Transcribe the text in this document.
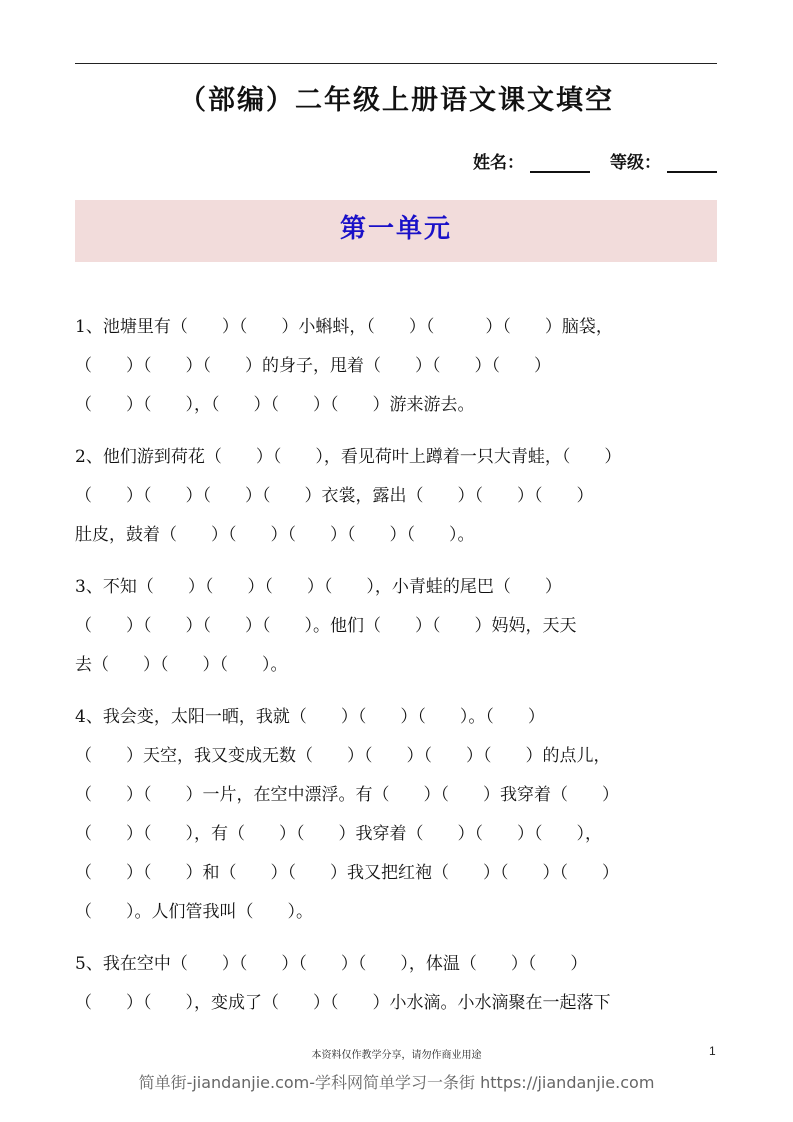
（部编）二年级上册语文课文填空
姓名：	等级：
第一单元
1、池塘里有（　　）（　　）小蝌蚪，（　　）（　　　）（　　）脑袋，
（　　）（　　）（　　）的身子，甩着（　　）（　　）（　　）
（　　）（　　），（　　）（　　）（　　）游来游去。
2、他们游到荷花（　　）（　　），看见荷叶上蹲着一只大青蛙，（　　）
（　　）（　　）（　　）（　　）衣裳，露出（　　）（　　）（　　）
肚皮，鼓着（　　）（　　）（　　）（　　）（　　）。
3、不知（　　）（　　）（　　）（　　），小青蛙的尾巴（　　）
（　　）（　　）（　　）（　　）。他们（　　）（　　）妈妈，天天
去（　　）（　　）（　　）。
4、我会变，太阳一晒，我就（　　）（　　）（　　）。（　　）
（　　）天空，我又变成无数（　　）（　　）（　　）（　　）的点儿，
（　　）（　　）一片，在空中漂浮。有（　　）（　　）我穿着（　　）
（　　）（　　），有（　　）（　　）我穿着（　　）（　　）（　　），
（　　）（　　）和（　　）（　　）我又把红袍（　　）（　　）（　　）
（　　）。人们管我叫（　　）。
5、我在空中（　　）（　　）（　　）（　　），体温（　　）（　　）
（　　）（　　），变成了（　　）（　　）小水滴。小水滴聚在一起落下
本资料仅作教学分享，请勿作商业用途	1
简单街-jiandanjie.com-学科网简单学习一条街 https://jiandanjie.com
